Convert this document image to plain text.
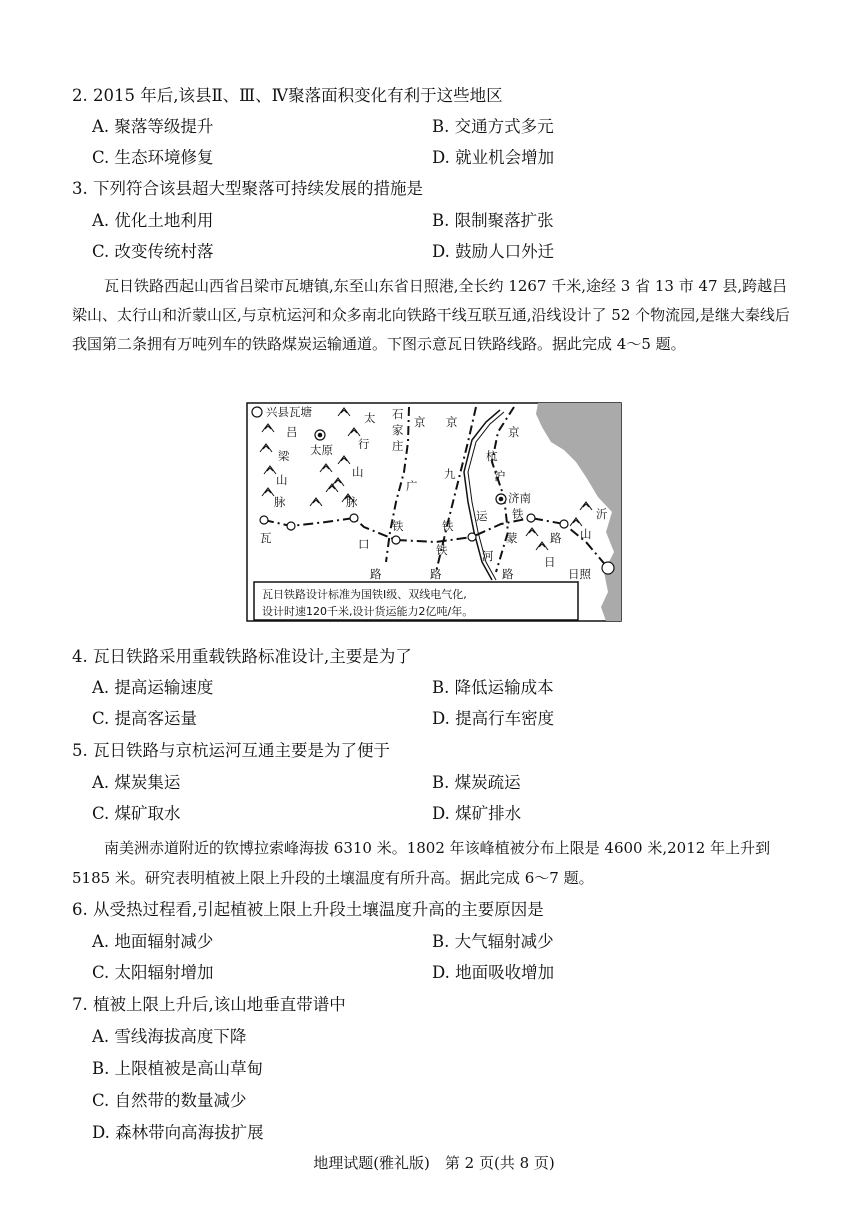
2. 2015 年后,该县Ⅱ、Ⅲ、Ⅳ聚落面积变化有利于这些地区
A. 聚落等级提升	B. 交通方式多元
C. 生态环境修复	D. 就业机会增加
3. 下列符合该县超大型聚落可持续发展的措施是
A. 优化土地利用	B. 限制聚落扩张
C. 改变传统村落	D. 鼓励人口外迁
瓦日铁路西起山西省吕梁市瓦塘镇,东至山东省日照港,全长约 1267 千米,途经 3 省 13 市 47 县,跨越吕梁山、太行山和沂蒙山区,与京杭运河和众多南北向铁路干线互联互通,沿线设计了 52 个物流园,是继大秦线后我国第二条拥有万吨列车的铁路煤炭运输通道。下图示意瓦日铁路线路。据此完成 4～5 题。
兴县瓦塘
吕
梁
山
脉
太原
太
行
山
脉
石
家
庄
京 京
京
广
九
杭
沪
济南
运
河
铁	铁
铁
铁
路	路	路
路
口
瓦
日
沂
蒙	山
日照
瓦日铁路设计标准为国铁Ⅰ级、双线电气化,
设计时速120千米,设计货运能力2亿吨/年。
4. 瓦日铁路采用重载铁路标准设计,主要是为了
A. 提高运输速度	B. 降低运输成本
C. 提高客运量	D. 提高行车密度
5. 瓦日铁路与京杭运河互通主要是为了便于
A. 煤炭集运	B. 煤炭疏运
C. 煤矿取水	D. 煤矿排水
南美洲赤道附近的钦博拉索峰海拔 6310 米。1802 年该峰植被分布上限是 4600 米,2012 年上升到 5185 米。研究表明植被上限上升段的土壤温度有所升高。据此完成 6～7 题。
6. 从受热过程看,引起植被上限上升段土壤温度升高的主要原因是
A. 地面辐射减少	B. 大气辐射减少
C. 太阳辐射增加	D. 地面吸收增加
7. 植被上限上升后,该山地垂直带谱中
A. 雪线海拔高度下降
B. 上限植被是高山草甸
C. 自然带的数量减少
D. 森林带向高海拔扩展
地理试题(雅礼版)　第 2 页(共 8 页)
